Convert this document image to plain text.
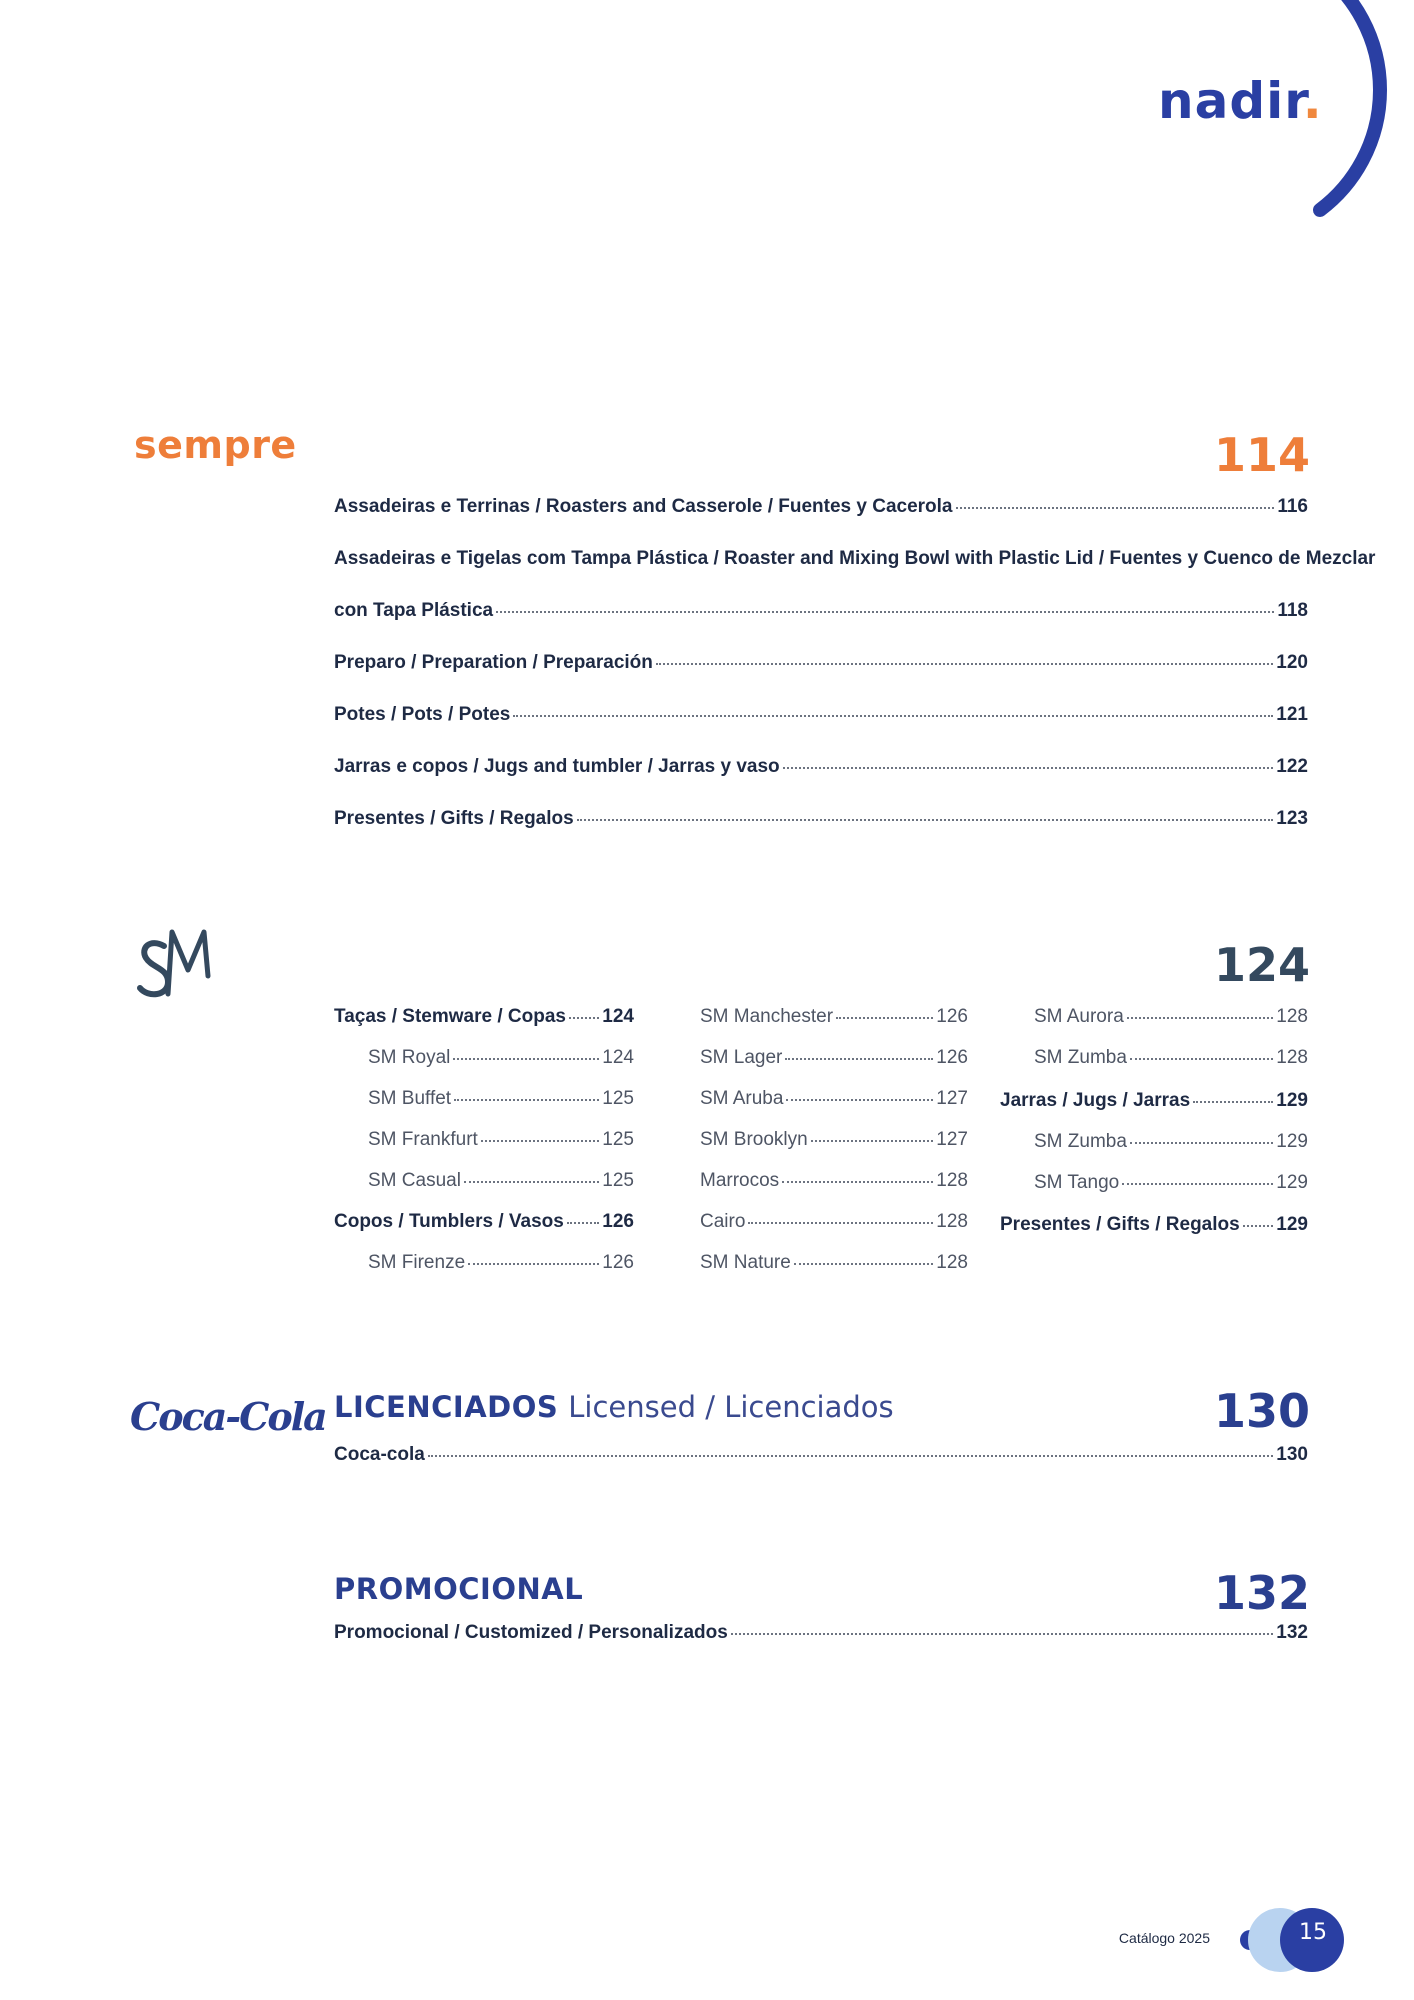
nadir.
sempre	114
Assadeiras e Terrinas / Roasters and Casserole / Fuentes y Cacerola	116
Assadeiras e Tigelas com Tampa Plástica / Roaster and Mixing Bowl with Plastic Lid / Fuentes y Cuenco de Mezclar
con Tapa Plástica	118
Preparo / Preparation / Preparación	120
Potes / Pots / Potes	121
Jarras e copos / Jugs and tumbler / Jarras y vaso	122
Presentes / Gifts / Regalos	123
124
Taças / Stemware / Copas 124
SM Royal	124
SM Buffet	125
SM Frankfurt	125
SM Casual	125
Copos / Tumblers / Vasos 126
SM Firenze	126
SM Manchester	126
SM Lager	126
SM Aruba	127
SM Brooklyn	127
Marrocos	128
Cairo	128
SM Nature	128
SM Aurora	128
SM Zumba	128
Jarras / Jugs / Jarras	129
SM Zumba	129
SM Tango	129
Presentes / Gifts / Regalos 129
Coca-Cola LICENCIADOS Licensed / Licenciados	130
Coca-cola	130
PROMOCIONAL	132
Promocional / Customized / Personalizados	132
Catálogo 2025	15
